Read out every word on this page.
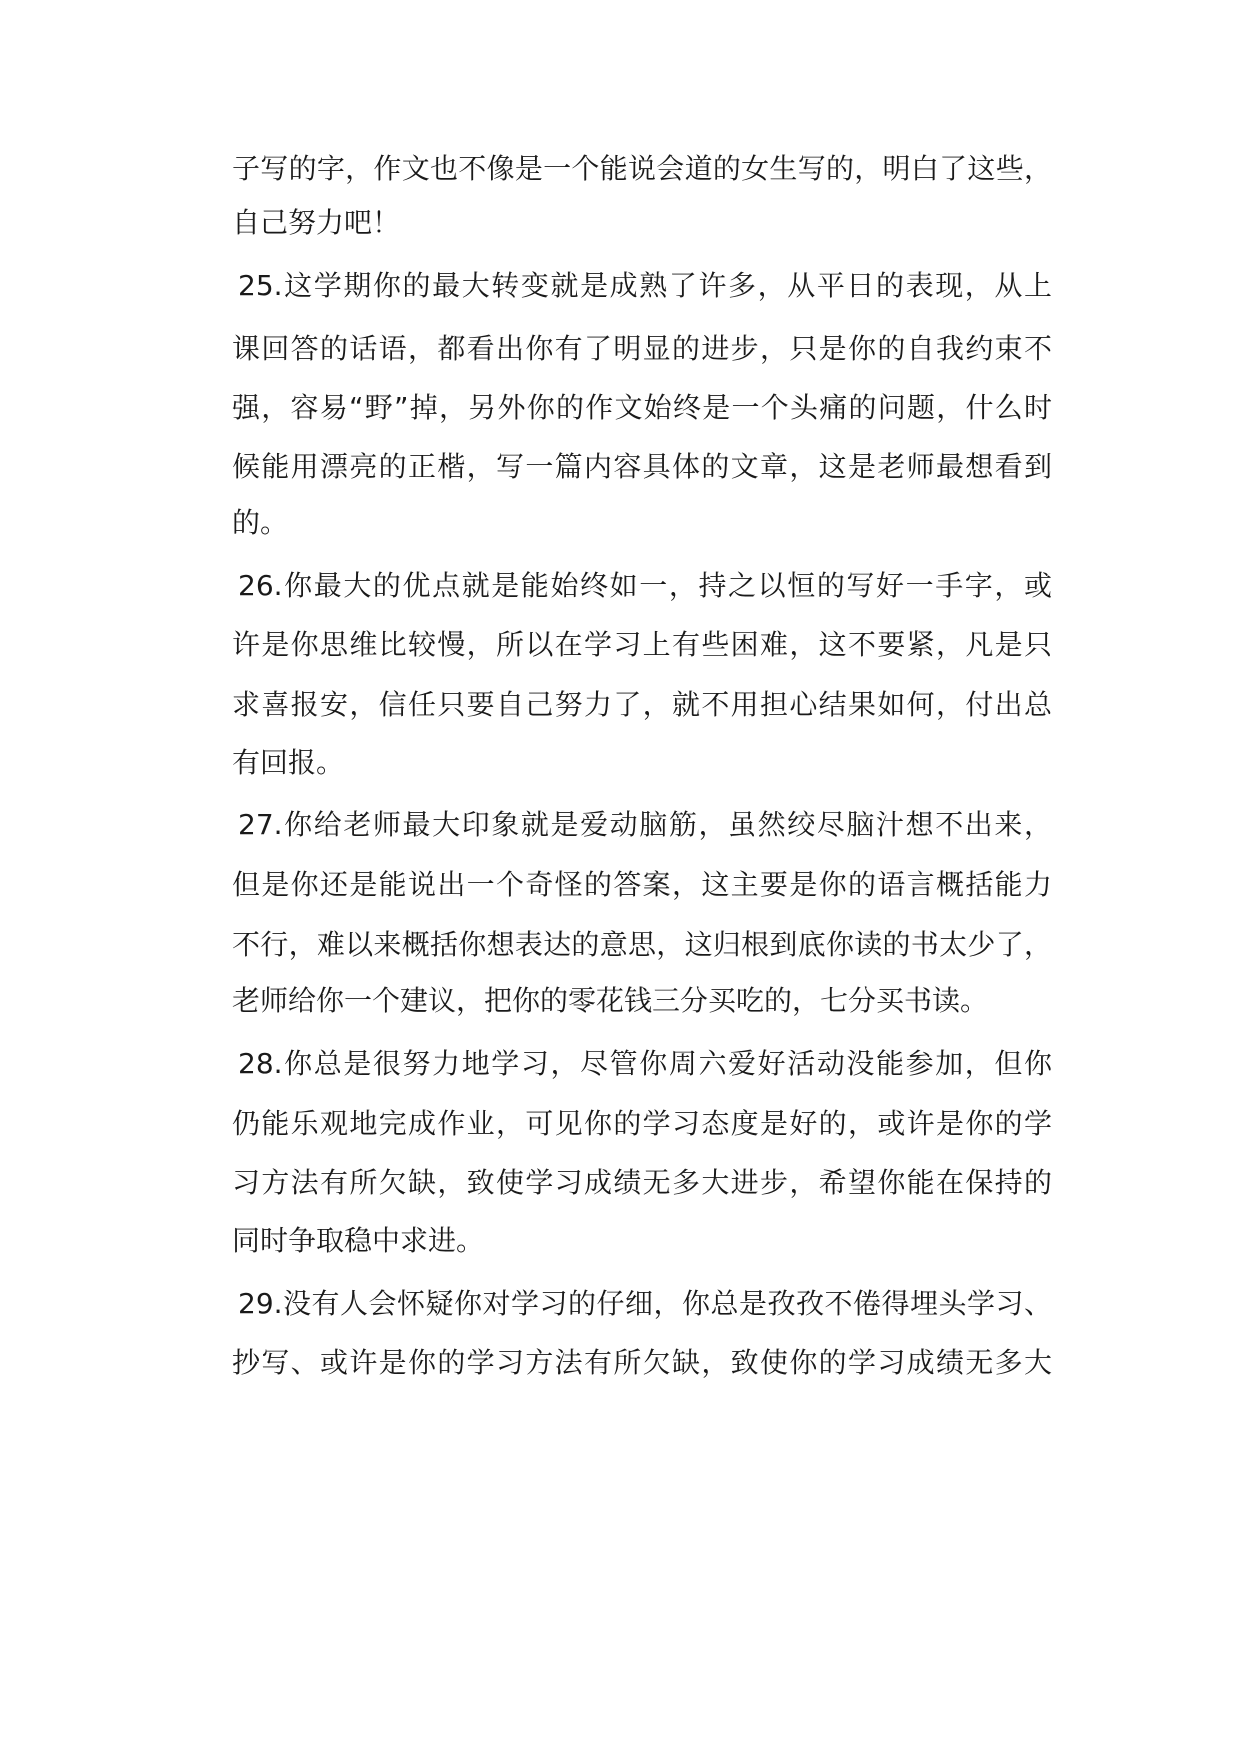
子写的字，作文也不像是一个能说会道的女生写的，明白了这些，
自己努力吧！
25.这学期你的最大转变就是成熟了许多，从平日的表现，从上
课回答的话语，都看出你有了明显的进步，只是你的自我约束不
强，容易“野”掉，另外你的作文始终是一个头痛的问题，什么时
候能用漂亮的正楷，写一篇内容具体的文章，这是老师最想看到
的。
26.你最大的优点就是能始终如一，持之以恒的写好一手字，或
许是你思维比较慢，所以在学习上有些困难，这不要紧，凡是只
求喜报安，信任只要自己努力了，就不用担心结果如何，付出总
有回报。
27.你给老师最大印象就是爱动脑筋，虽然绞尽脑汁想不出来，
但是你还是能说出一个奇怪的答案，这主要是你的语言概括能力
不行，难以来概括你想表达的意思，这归根到底你读的书太少了，
老师给你一个建议，把你的零花钱三分买吃的，七分买书读。
28.你总是很努力地学习，尽管你周六爱好活动没能参加，但你
仍能乐观地完成作业，可见你的学习态度是好的，或许是你的学
习方法有所欠缺，致使学习成绩无多大进步，希望你能在保持的
同时争取稳中求进。
29.没有人会怀疑你对学习的仔细，你总是孜孜不倦得埋头学习、
抄写、或许是你的学习方法有所欠缺，致使你的学习成绩无多大
